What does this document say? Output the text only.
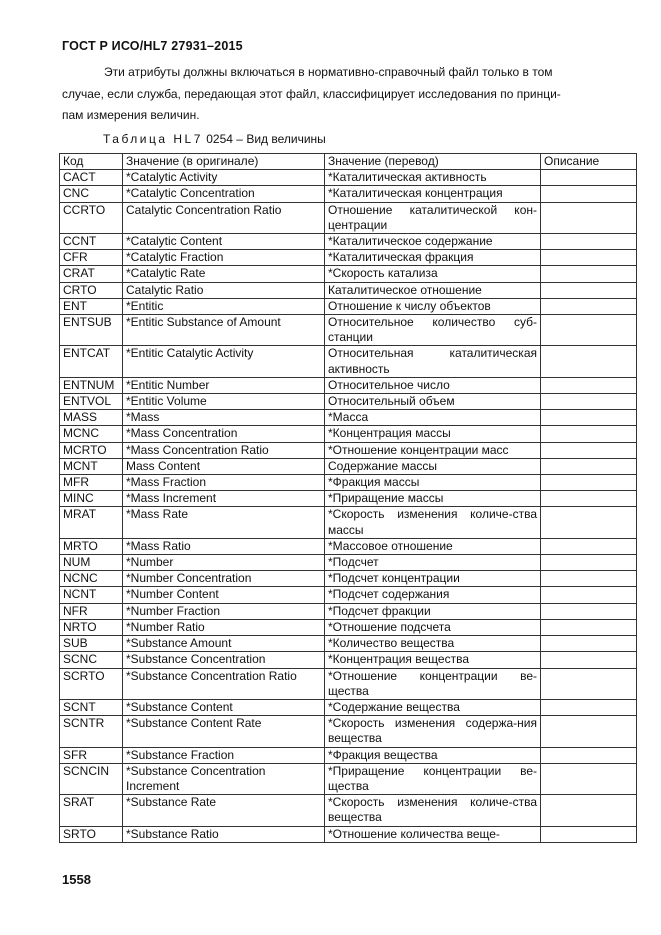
ГОСТ Р ИСО/HL7 27931–2015
Эти атрибуты должны включаться в нормативно-справочный файл только в том
случае, если служба, передающая этот файл, классифицирует исследования по принци-
пам измерения величин.
Таблица HL7 0254 – Вид величины
Код	Значение (в оригинале)	Значение (перевод)	Описание
CACT	*Catalytic Activity	*Каталитическая активность	
CNC	*Catalytic Concentration	*Каталитическая концентрация	
CCRTO	Catalytic Concentration Ratio	Отношение каталитической кон-центрации	
CCNT	*Catalytic Content	*Каталитическое содержание	
CFR	*Catalytic Fraction	*Каталитическая фракция	
CRAT	*Catalytic Rate	*Скорость катализа	
CRTO	Catalytic Ratio	Каталитическое отношение	
ENT	*Entitic	Отношение к числу объектов	
ENTSUB	*Entitic Substance of Amount	Относительное количество суб-станции	
ENTCAT	*Entitic Catalytic Activity	Относительная каталитическая активность	
ENTNUM	*Entitic Number	Относительное число	
ENTVOL	*Entitic Volume	Относительный объем	
MASS	*Mass	*Масса	
MCNC	*Mass Concentration	*Концентрация массы	
MCRTO	*Mass Concentration Ratio	*Отношение концентрации масс	
MCNT	Mass Content	Содержание массы	
MFR	*Mass Fraction	*Фракция массы	
MINC	*Mass Increment	*Приращение массы	
MRAT	*Mass Rate	*Скорость изменения количе-ства массы	
MRTO	*Mass Ratio	*Массовое отношение	
NUM	*Number	*Подсчет	
NCNC	*Number Concentration	*Подсчет концентрации	
NCNT	*Number Content	*Подсчет содержания	
NFR	*Number Fraction	*Подсчет фракции	
NRTO	*Number Ratio	*Отношение подсчета	
SUB	*Substance Amount	*Количество вещества	
SCNC	*Substance Concentration	*Концентрация вещества	
SCRTO	*Substance Concentration Ratio	*Отношение концентрации ве-щества	
SCNT	*Substance Content	*Содержание вещества	
SCNTR	*Substance Content Rate	*Скорость изменения содержа-ния вещества	
SFR	*Substance Fraction	*Фракция вещества	
SCNCIN	*Substance Concentration Increment	*Приращение концентрации ве-щества	
SRAT	*Substance Rate	*Скорость изменения количе-ства вещества	
SRTO	*Substance Ratio	*Отношение количества веще-	
1558
